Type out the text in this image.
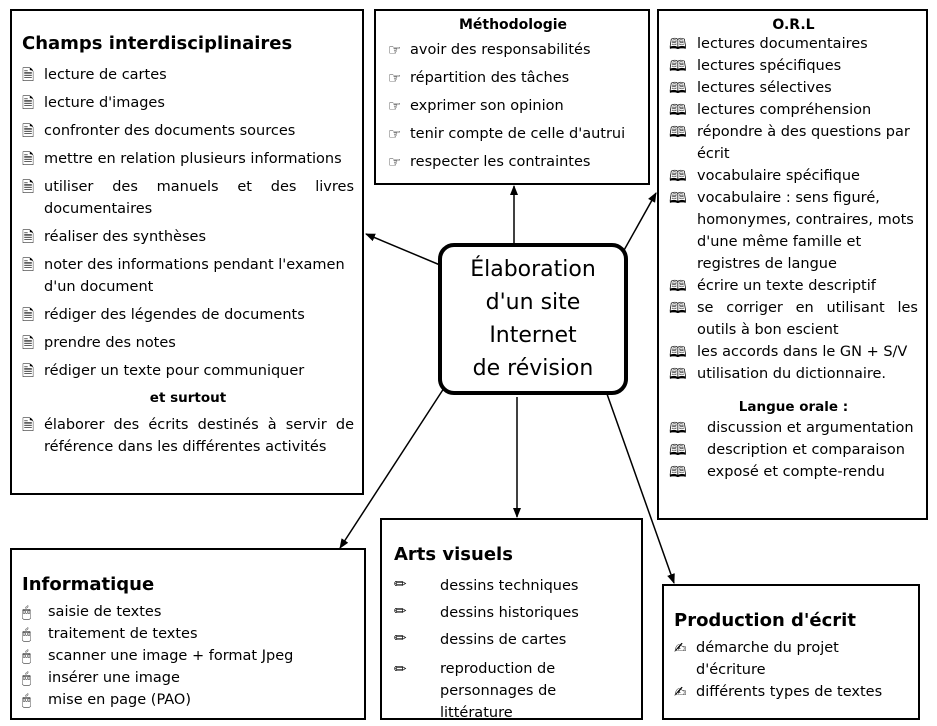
Champs interdisciplinaires
🗎 lecture de cartes
🗎 lecture d'images
🗎 confronter des documents sources
🗎 mettre en relation plusieurs informations
🗎 utiliser des manuels et des livres documentaires
🗎 réaliser des synthèses
🗎 noter des informations pendant l'examen d'un document
🗎 rédiger des légendes de documents
🗎 prendre des notes
🗎 rédiger un texte pour communiquer
et surtout
🗎 élaborer des écrits destinés à servir de référence dans les différentes activités
Méthodologie
☞ avoir des responsabilités
☞ répartition des tâches
☞ exprimer son opinion
☞ tenir compte de celle d'autrui
☞ respecter les contraintes
O.R.L
🕮 lectures documentaires
🕮 lectures spécifiques
🕮 lectures sélectives
🕮 lectures compréhension
🕮 répondre à des questions par écrit
🕮 vocabulaire spécifique
🕮 vocabulaire : sens figuré, homonymes, contraires, mots d'une même famille et registres de langue
🕮 écrire un texte descriptif
🕮 se corriger en utilisant les outils à bon escient
🕮 les accords dans le GN + S/V
🕮 utilisation du dictionnaire.
Langue orale :
🕮	discussion et argumentation
🕮	description et comparaison
🕮	exposé et compte-rendu
Élaboration
d'un site
Internet
de révision
Informatique
🖱	saisie de textes
🖱	traitement de textes
🖱	scanner une image + format Jpeg
🖱	insérer une image
🖱	mise en page (PAO)
Arts visuels
✏	dessins techniques
✏	dessins historiques
✏	dessins de cartes
✏	reproduction de personnages de littérature
Production d'écrit
✍ démarche du projet d'écriture
✍ différents types de textes
